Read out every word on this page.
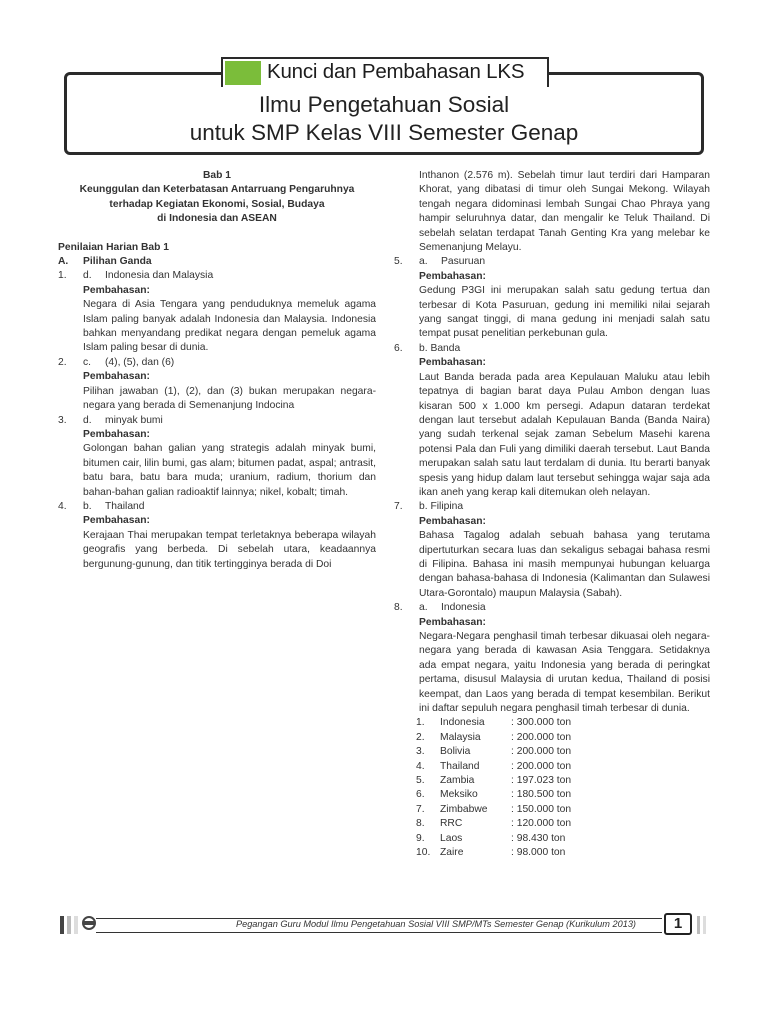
Kunci dan Pembahasan LKS
Ilmu Pengetahuan Sosial
untuk SMP Kelas VIII Semester Genap
Bab 1
Keunggulan dan Keterbatasan Antarruang Pengaruhnya
terhadap Kegiatan Ekonomi, Sosial, Budaya
di Indonesia dan ASEAN
Penilaian Harian Bab 1
A.	Pilihan Ganda
1.	d.	Indonesia dan Malaysia
Pembahasan:
Negara di Asia Tengara yang penduduknya memeluk agama Islam paling banyak adalah Indonesia dan Malaysia. Indonesia bahkan menyandang predikat negara dengan pemeluk agama Islam paling besar di dunia.
2.	c.	(4), (5), dan (6)
Pembahasan:
Pilihan jawaban (1), (2), dan (3) bukan merupakan negara-negara yang berada di Semenanjung Indocina
3.	d.	minyak bumi
Pembahasan:
Golongan bahan galian yang strategis adalah minyak bumi, bitumen cair, lilin bumi, gas alam; bitumen padat, aspal; antrasit, batu bara, batu bara muda; uranium, radium, thorium dan bahan-bahan galian radioaktif lainnya; nikel, kobalt; timah.
4.	b.	Thailand
Pembahasan:
Kerajaan Thai merupakan tempat terletaknya beberapa wilayah geografis yang berbeda. Di sebelah utara, keadaannya bergunung-gunung, dan titik tertingginya berada di Doi
Inthanon (2.576 m). Sebelah timur laut terdiri dari Hamparan Khorat, yang dibatasi di timur oleh Sungai Mekong. Wilayah tengah negara didominasi lembah Sungai Chao Phraya yang hampir seluruhnya datar, dan mengalir ke Teluk Thailand. Di sebelah selatan terdapat Tanah Genting Kra yang melebar ke Semenanjung Melayu.
5.	a.	Pasuruan
Pembahasan:
Gedung P3GI ini merupakan salah satu gedung tertua dan terbesar di Kota Pasuruan, gedung ini memiliki nilai sejarah yang sangat tinggi, di mana gedung ini menjadi salah satu tempat pusat penelitian perkebunan gula.
6.	b. Banda
Pembahasan:
Laut Banda berada pada area Kepulauan Maluku atau lebih tepatnya di bagian barat daya Pulau Ambon dengan luas kisaran 500 x 1.000 km persegi. Adapun dataran terdekat dengan laut tersebut adalah Kepulauan Banda (Banda Naira) yang sudah terkenal sejak zaman Sebelum Masehi karena potensi Pala dan Fuli yang dimiliki daerah tersebut. Laut Banda merupakan salah satu laut terdalam di dunia. Itu berarti banyak spesis yang hidup dalam laut tersebut sehingga wajar saja ada ikan aneh yang kerap kali ditemukan oleh nelayan.
7.	b. Filipina
Pembahasan:
Bahasa Tagalog adalah sebuah bahasa yang terutama dipertuturkan secara luas dan sekaligus sebagai bahasa resmi di Filipina. Bahasa ini masih mempunyai hubungan keluarga dengan bahasa-bahasa di Indonesia (Kalimantan dan Sulawesi Utara-Gorontalo) maupun Malaysia (Sabah).
8.	a.	Indonesia
Pembahasan:
Negara-Negara penghasil timah terbesar dikuasai oleh negara-negara yang berada di kawasan Asia Tenggara. Setidaknya ada empat negara, yaitu Indonesia yang berada di peringkat pertama, disusul Malaysia di urutan kedua, Thailand di posisi keempat, dan Laos yang berada di tempat kesembilan. Berikut ini daftar sepuluh negara penghasil timah terbesar di dunia.
1.	Indonesia	: 300.000 ton
2.	Malaysia	: 200.000 ton
3.	Bolivia	: 200.000 ton
4.	Thailand	: 200.000 ton
5.	Zambia	: 197.023 ton
6.	Meksiko	: 180.500 ton
7.	Zimbabwe	: 150.000 ton
8.	RRC	: 120.000 ton
9.	Laos	: 98.430 ton
10. Zaire	: 98.000 ton
Pegangan Guru Modul Ilmu Pengetahuan Sosial VIII SMP/MTs Semester Genap (Kurikulum 2013)	1
